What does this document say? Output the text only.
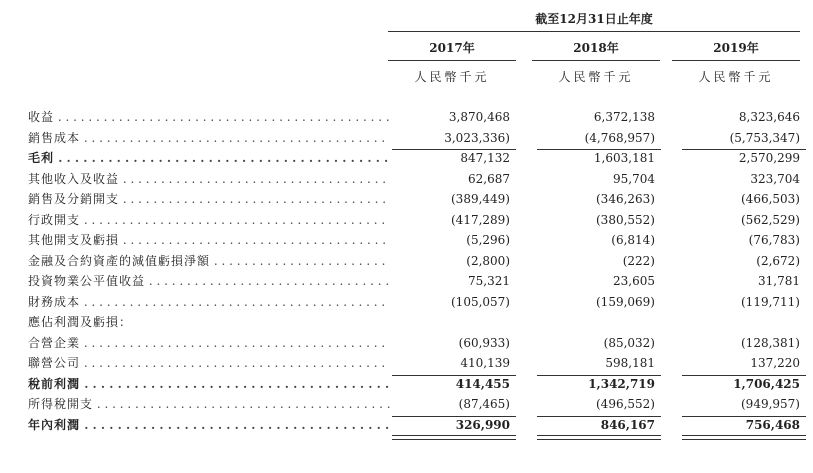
截至12月31日止年度
2017年	2018年	2019年
人民幣千元	人民幣千元	人民幣千元
收益 . . .	3,870,468	6,372,138	8,323,646
銷售成本 . . .	3,023,336)	(4,768,957)	(5,753,347)
毛利 . . .	847,132	1,603,181	2,570,299
其他收入及收益 . . .	62,687	95,704	323,704
銷售及分銷開支 . . .	(389,449)	(346,263)	(466,503)
行政開支 . . .	(417,289)	(380,552)	(562,529)
其他開支及虧損 . . .	(5,296)	(6,814)	(76,783)
金融及合約資產的減值虧損淨額 . . .	(2,800)	(222)	(2,672)
投資物業公平值收益 . . .	75,321	23,605	31,781
財務成本 . . .	(105,057)	(159,069)	(119,711)
應佔利潤及虧損：
合營企業 . . .	(60,933)	(85,032)	(128,381)
聯營公司 . . .	410,139	598,181	137,220
稅前利潤 . . .	414,455	1,342,719	1,706,425
所得稅開支 . . .	(87,465)	(496,552)	(949,957)
年內利潤 . . .	326,990	846,167	756,468
